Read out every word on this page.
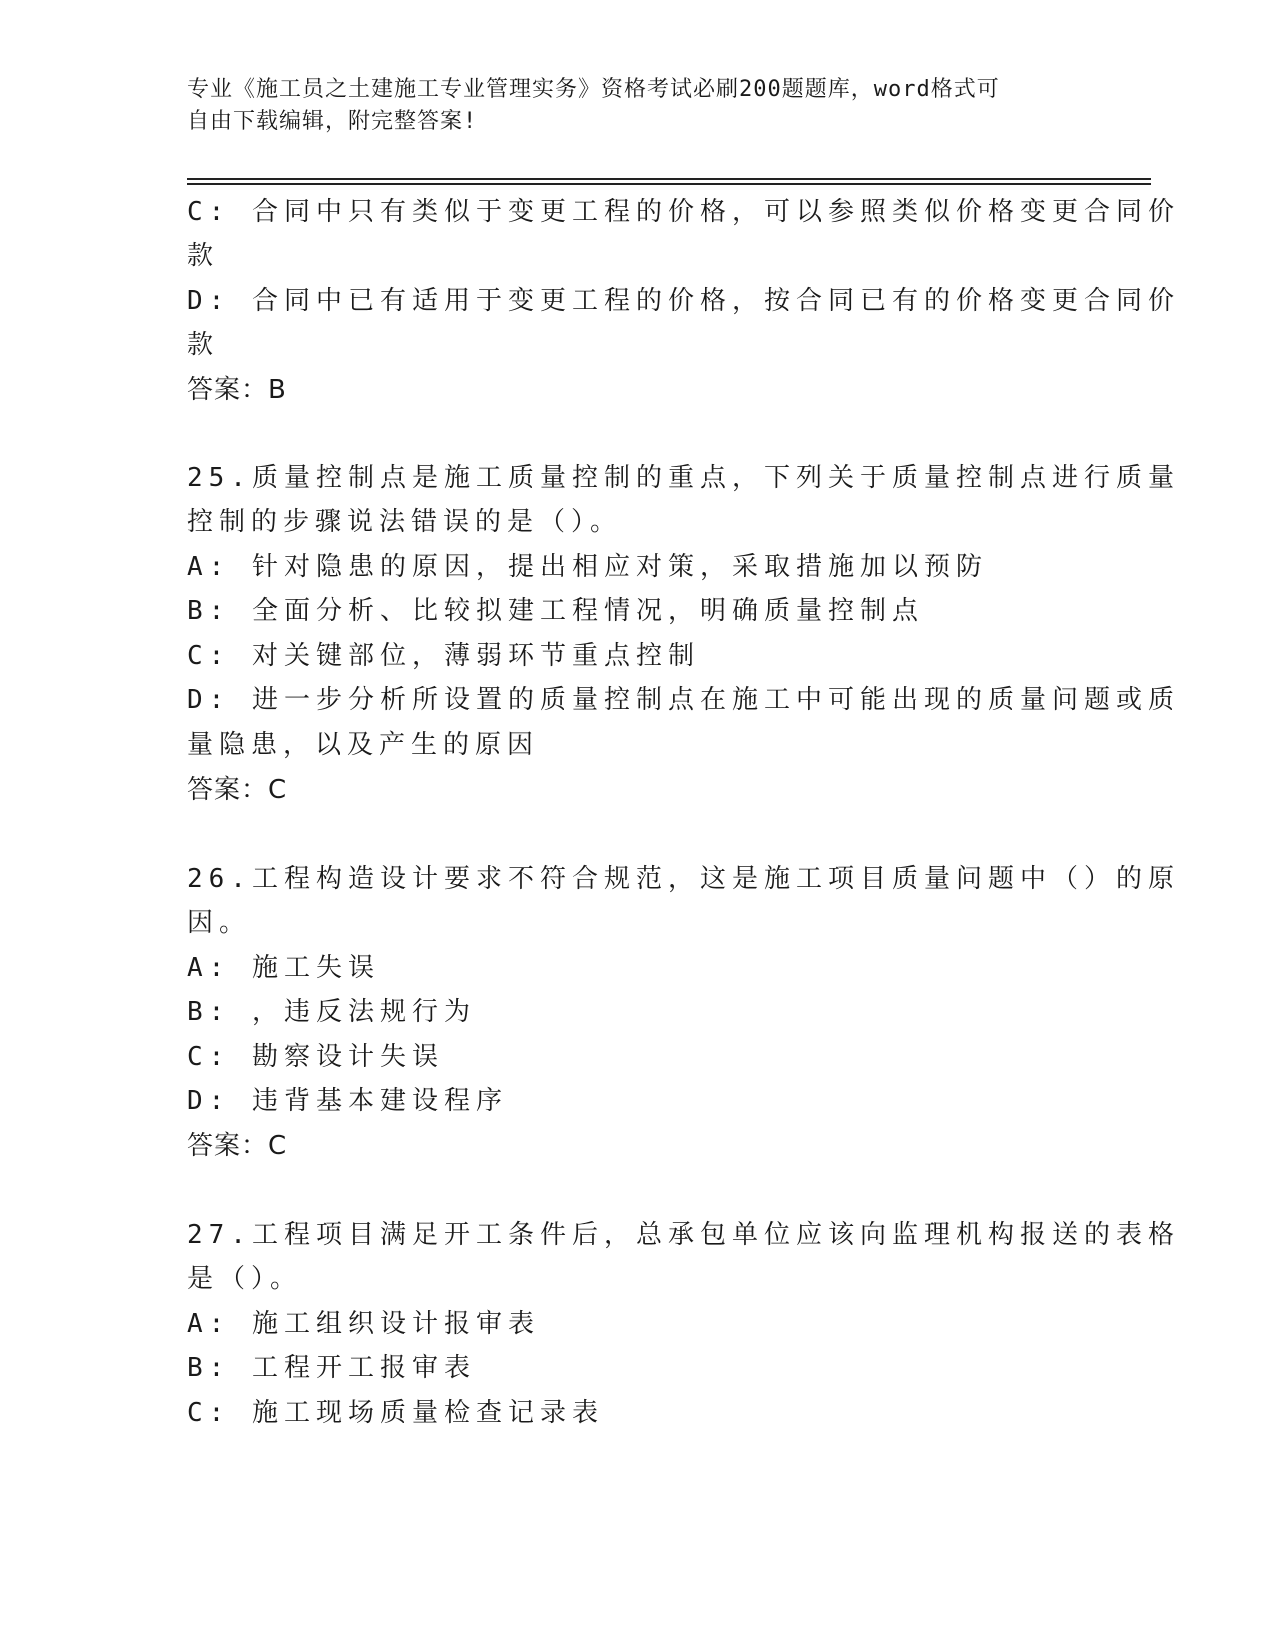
专业《施工员之土建施工专业管理实务》资格考试必刷200题题库，word格式可
自由下载编辑，附完整答案!
C: 合同中只有类似于变更工程的价格，可以参照类似价格变更合同价
款
D: 合同中已有适用于变更工程的价格，按合同已有的价格变更合同价
款
答案：B
25.质量控制点是施工质量控制的重点，下列关于质量控制点进行质量
控制的步骤说法错误的是（）。
A: 针对隐患的原因，提出相应对策，采取措施加以预防
B: 全面分析、比较拟建工程情况，明确质量控制点
C: 对关键部位，薄弱环节重点控制
D: 进一步分析所设置的质量控制点在施工中可能出现的质量问题或质
量隐患，以及产生的原因
答案：C
26.工程构造设计要求不符合规范，这是施工项目质量问题中（）的原
因。
A: 施工失误
B: ，违反法规行为
C: 勘察设计失误
D: 违背基本建设程序
答案：C
27.工程项目满足开工条件后，总承包单位应该向监理机构报送的表格
是（）。
A: 施工组织设计报审表
B: 工程开工报审表
C: 施工现场质量检查记录表
